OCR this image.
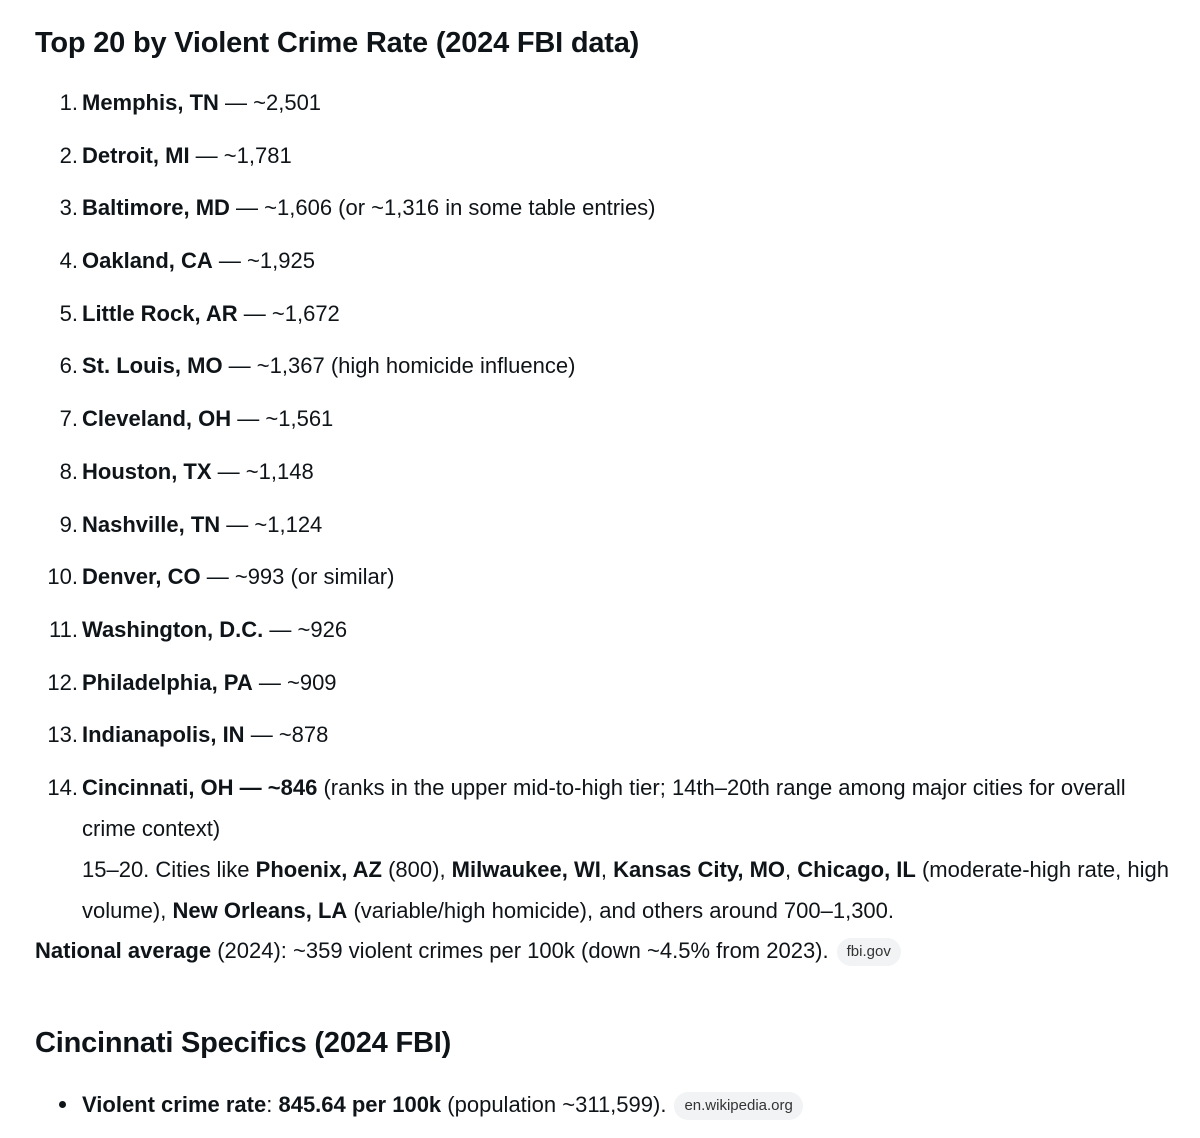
Top 20 by Violent Crime Rate (2024 FBI data)
1. Memphis, TN — ~2,501
2. Detroit, MI — ~1,781
3. Baltimore, MD — ~1,606 (or ~1,316 in some table entries)
4. Oakland, CA — ~1,925
5. Little Rock, AR — ~1,672
6. St. Louis, MO — ~1,367 (high homicide influence)
7. Cleveland, OH — ~1,561
8. Houston, TX — ~1,148
9. Nashville, TN — ~1,124
10. Denver, CO — ~993 (or similar)
11. Washington, D.C. — ~926
12. Philadelphia, PA — ~909
13. Indianapolis, IN — ~878
14. Cincinnati, OH — ~846 (ranks in the upper mid-to-high tier; 14th–20th range among major cities for overall crime context)
15–20. Cities like Phoenix, AZ (800), Milwaukee, WI, Kansas City, MO, Chicago, IL (moderate-high rate, high volume), New Orleans, LA (variable/high homicide), and others around 700–1,300.
National average (2024): ~359 violent crimes per 100k (down ~4.5% from 2023). fbi.gov
Cincinnati Specifics (2024 FBI)
Violent crime rate: 845.64 per 100k (population ~311,599). en.wikipedia.org
